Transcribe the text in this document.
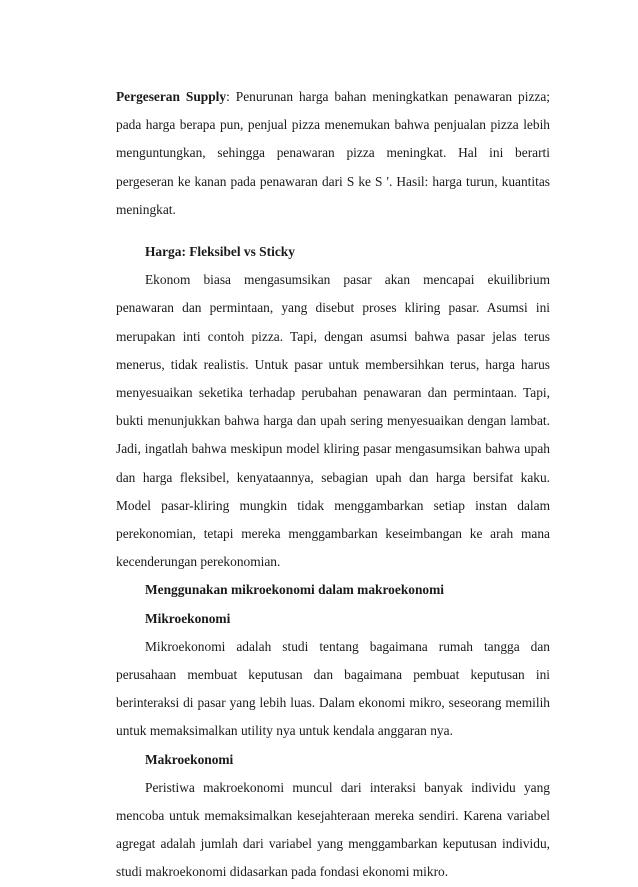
Pergeseran Supply: Penurunan harga bahan meningkatkan penawaran pizza; pada harga berapa pun, penjual pizza menemukan bahwa penjualan pizza lebih menguntungkan, sehingga penawaran pizza meningkat. Hal ini berarti pergeseran ke kanan pada penawaran dari S ke S '. Hasil: harga turun, kuantitas meningkat.

Harga: Fleksibel vs Sticky

Ekonom biasa mengasumsikan pasar akan mencapai ekuilibrium penawaran dan permintaan, yang disebut proses kliring pasar. Asumsi ini merupakan inti contoh pizza. Tapi, dengan asumsi bahwa pasar jelas terus menerus, tidak realistis. Untuk pasar untuk membersihkan terus, harga harus menyesuaikan seketika terhadap perubahan penawaran dan permintaan. Tapi, bukti menunjukkan bahwa harga dan upah sering menyesuaikan dengan lambat. Jadi, ingatlah bahwa meskipun model kliring pasar mengasumsikan bahwa upah dan harga fleksibel, kenyataannya, sebagian upah dan harga bersifat kaku. Model pasar-kliring mungkin tidak menggambarkan setiap instan dalam perekonomian, tetapi mereka menggambarkan keseimbangan ke arah mana kecenderungan perekonomian.

Menggunakan mikroekonomi dalam makroekonomi

Mikroekonomi

Mikroekonomi adalah studi tentang bagaimana rumah tangga dan perusahaan membuat keputusan dan bagaimana pembuat keputusan ini berinteraksi di pasar yang lebih luas. Dalam ekonomi mikro, seseorang memilih untuk memaksimalkan utility nya untuk kendala anggaran nya.

Makroekonomi

Peristiwa makroekonomi muncul dari interaksi banyak individu yang mencoba untuk memaksimalkan kesejahteraan mereka sendiri. Karena variabel agregat adalah jumlah dari variabel yang menggambarkan keputusan individu, studi makroekonomi didasarkan pada fondasi ekonomi mikro.
